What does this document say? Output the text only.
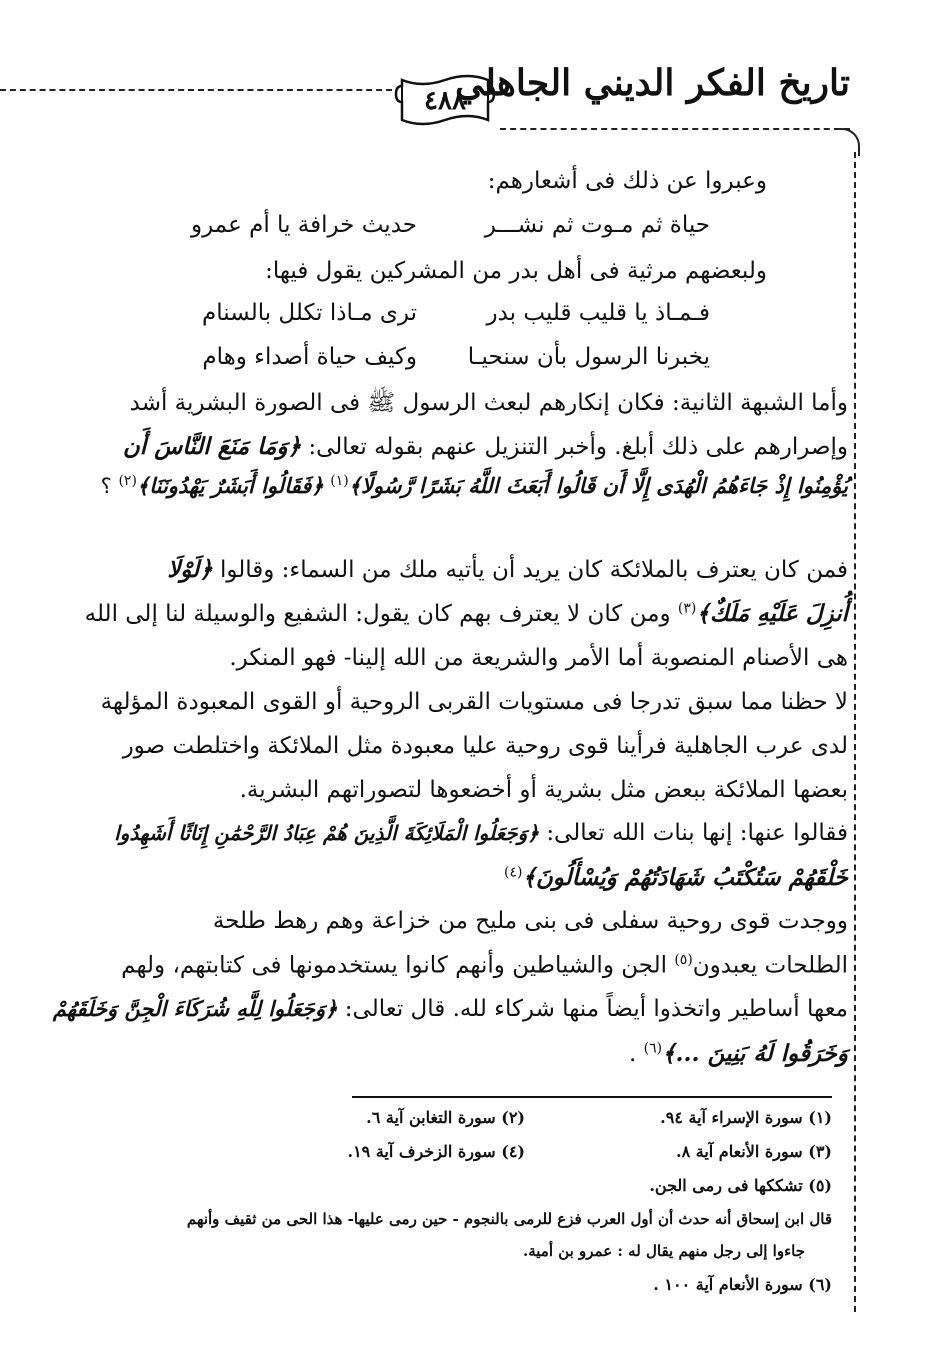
٤٨٨
تاريخ الفكر الديني الجاهلي
وعبروا عن ذلك فى أشعارهم:
حياة ثم مـوت ثم نشـــر
حديث خرافة يا أم عمرو
ولبعضهم مرثية فى أهل بدر من المشركين يقول فيها:
فـمـاذ يا قليب قليب بدر
ترى مـاذا تكلل بالسنام
يخبرنا الرسول بأن سنحيـا
وكيف حياة أصداء وهام
وأما الشبهة الثانية: فكان إنكارهم لبعث الرسول ﷺ فى الصورة البشرية أشد
وإصرارهم على ذلك أبلغ. وأخبر التنزيل عنهم بقوله تعالى: ﴿وَمَا مَنَعَ النَّاسَ أَن
يُؤْمِنُوا إِذْ جَاءَهُمُ الْهُدَى إِلَّا أَن قَالُوا أَبَعَثَ اللَّهُ بَشَرًا رَّسُولًا﴾$^{(١)}$ ﴿فَقَالُوا أَبَشَرٌ يَهْدُونَنَا﴾$^{(٢)}$ ؟
فمن كان يعترف بالملائكة كان يريد أن يأتيه ملك من السماء: وقالوا ﴿لَوْلَا
أُنزِلَ عَلَيْهِ مَلَكٌ﴾$^{(٣)}$ ومن كان لا يعترف بهم كان يقول: الشفيع والوسيلة لنا إلى الله
هى الأصنام المنصوبة أما الأمر والشريعة من الله إلينا- فهو المنكر.
لا حظنا مما سبق تدرجا فى مستويات القربى الروحية أو القوى المعبودة المؤلهة
لدى عرب الجاهلية فرأينا قوى روحية عليا معبودة مثل الملائكة واختلطت صور
بعضها الملائكة ببعض مثل بشرية أو أخضعوها لتصوراتهم البشرية.
فقالوا عنها: إنها بنات الله تعالى: ﴿وَجَعَلُوا الْمَلَائِكَةَ الَّذِينَ هُمْ عِبَادُ الرَّحْمَٰنِ إِنَاثًا أَشَهِدُوا
خَلْقَهُمْ سَتُكْتَبُ شَهَادَتُهُمْ وَيُسْأَلُونَ﴾$^{(٤)}$
ووجدت قوى روحية سفلى فى بنى مليح من خزاعة وهم رهط طلحة
الطلحات يعبدون$^{(٥)}$ الجن والشياطين وأنهم كانوا يستخدمونها فى كتابتهم، ولهم
معها أساطير واتخذوا أيضاً منها شركاء لله. قال تعالى: ﴿وَجَعَلُوا لِلَّهِ شُرَكَاءَ الْجِنَّ وَخَلَقَهُمْ
وَخَرَقُوا لَهُ بَنِينَ ...﴾$^{(٦)}$ .
(١) سورة الإسراء آية ٩٤.
(٢) سورة التغابن آية ٦.
(٣) سورة الأنعام آية ٨.
(٤) سورة الزخرف آية ١٩.
(٥) تشككها فى رمى الجن.
قال ابن إسحاق أنه حدث أن أول العرب فزع للرمى بالنجوم - حين رمى عليها- هذا الحى من ثقيف وأنهم
جاءوا إلى رجل منهم يقال له : عمرو بن أمية.
(٦) سورة الأنعام آية ١٠٠ .
